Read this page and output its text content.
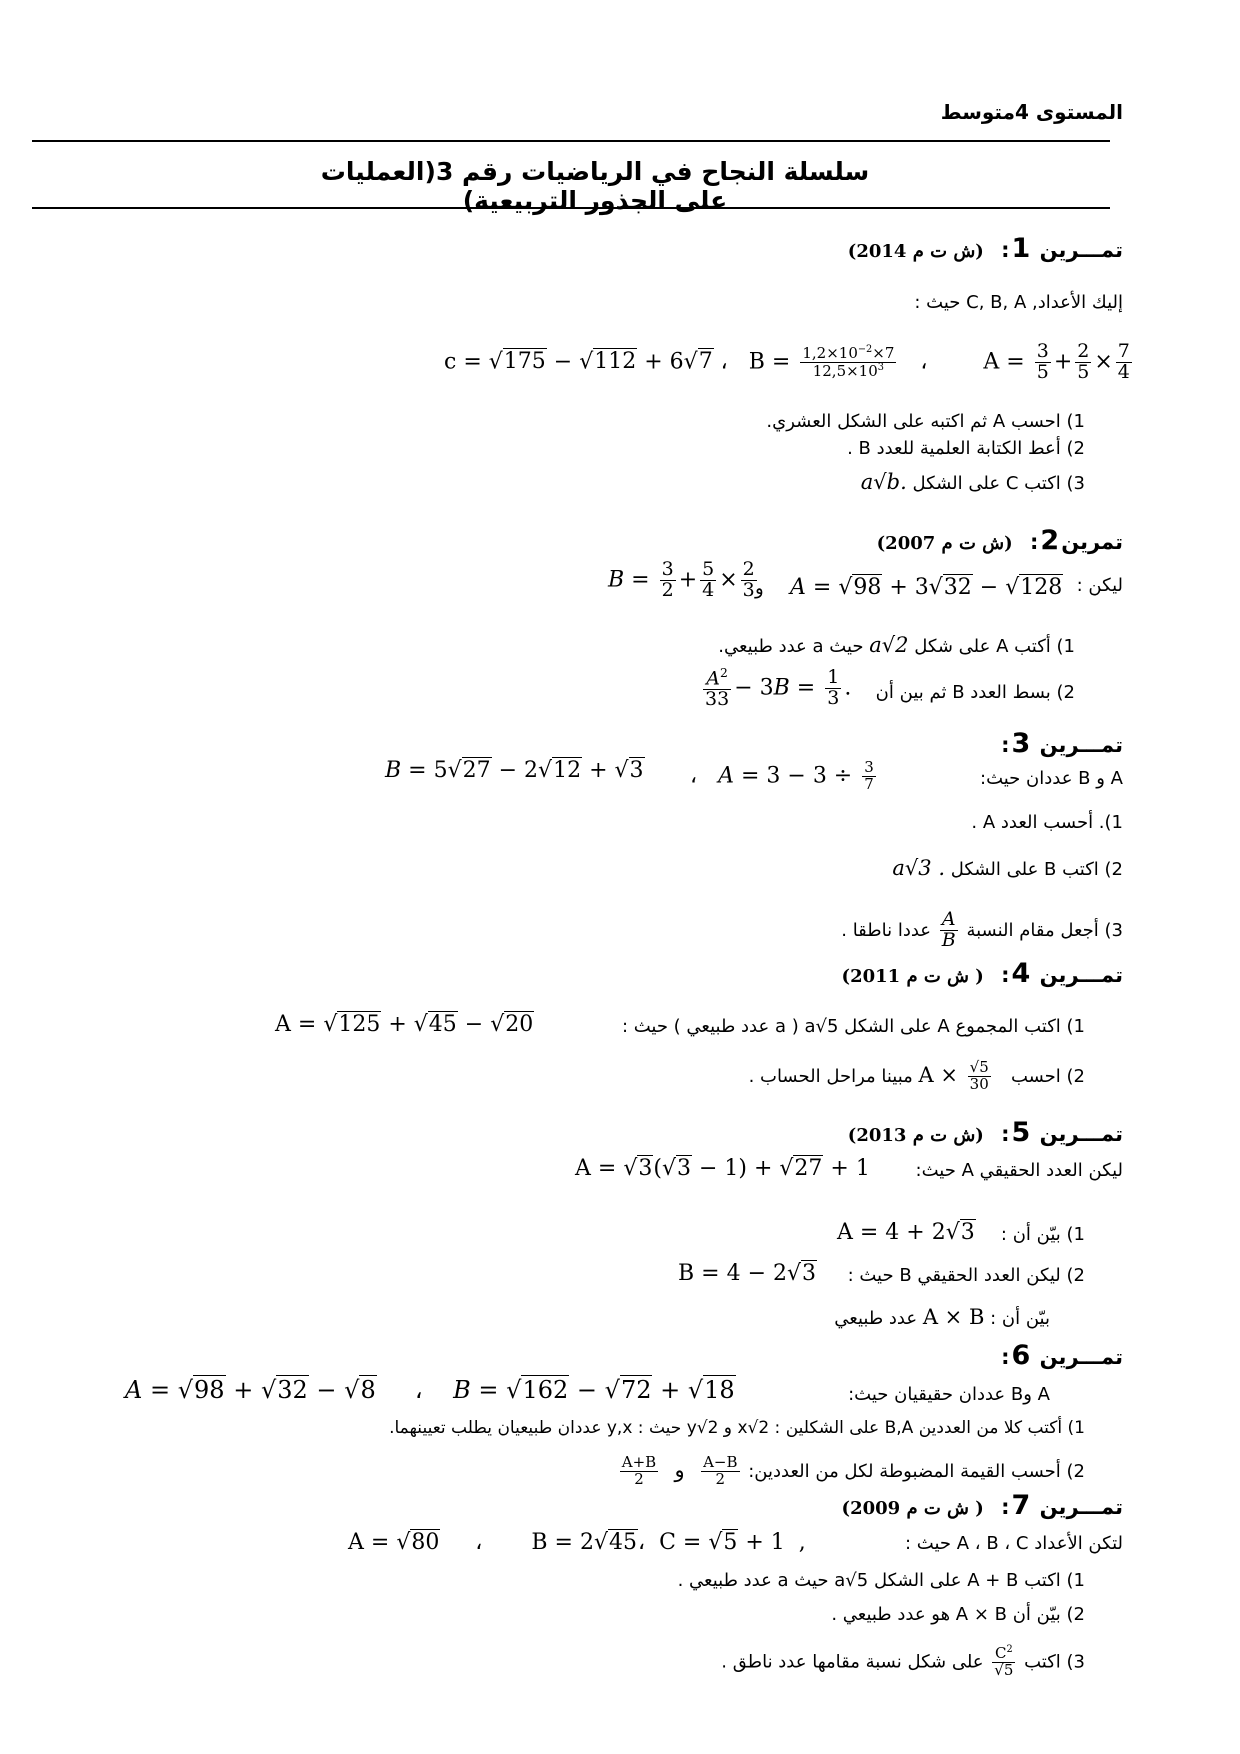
المستوى 4متوسط
سلسلة النجاح في الرياضيات رقم 3(العمليات على الجذور التربيعية)
تمـــرين 1: (ش ت م 2014)
إليك الأعداد, C, B, A حيث :
c = √175 − √112 + 6√7 ،   $B = \frac{1,2\times 10^{-2}\times 7}{12,5\times 10^3}$ ،        $A = \frac{3}{5} + \frac{2}{5} \times \frac{7}{4}$
1) احسب A ثم اكتبه على الشكل العشري.
2) أعط الكتابة العلمية للعدد B .
3) اكتب C على الشكل a√b.
تمرين2: (ش ت م 2007)
ليكن :
$B = \frac{3}{2} + \frac{5}{4} \times \frac{2}{3}$
و A = √98 + 3√32 − √128
1) أكتب A على شكل a√2 حيث a عدد طبيعي.
2) بسط العدد B ثم بين أن
$\frac{A^2}{33} - 3B = \frac{1}{3}$ .
تمـــرين 3:
A و B عددان حيث:
B = 5√27 − 2√12 + √3 ،   $A = 3 - 3 \div \frac{3}{7}$
1). أحسب العدد A .
2) اكتب B على الشكل a√3 .
3) أجعل مقام النسبة
$\frac{A}{B}$
عددا ناطقا .
تمـــرين 4: ( ش ت م 2011)
1) اكتب المجموع A على الشكل a√5 ( a عدد طبيعي ) حيث :
A = √125 + √45 − √20
2) احسب   $A \times \frac{√5}{30}$
مبينا مراحل الحساب .
تمـــرين 5: (ش ت م 2013)
ليكن العدد الحقيقي A حيث:
A = √3(√3 − 1) + √27 + 1
1) بيّن أن :
A = 4 + 2√3
2) ليكن العدد الحقيقي B حيث :
B = 4 − 2√3
بيّن أن : A × B عدد طبيعي
تمـــرين 6:
A وB عددان حقيقيان حيث:
A = √98 + √32 − √8     ،    B = √162 − √72 + √18
1) أكتب كلا من العددين B,A على الشكلين : x√2 و y√2 حيث : y,x عددان طبيعيان يطلب تعيينهما.
2) أحسب القيمة المضبوطة لكل من العددين:
$\frac{A+B}{2}$ و $\frac{A-B}{2}$
تمـــرين 7: ( ش ت م 2009)
لتكن الأعداد A ، B ، C حيث :
A = √80     ،       B = 2√45،  C = √5 + 1  ,
1) اكتب A + B على الشكل a√5 حيث a عدد طبيعي .
2) بيّن أن A × B هو عدد طبيعي .
3) اكتب
$\frac{C^2}{√5}$
على شكل نسبة مقامها عدد ناطق .
